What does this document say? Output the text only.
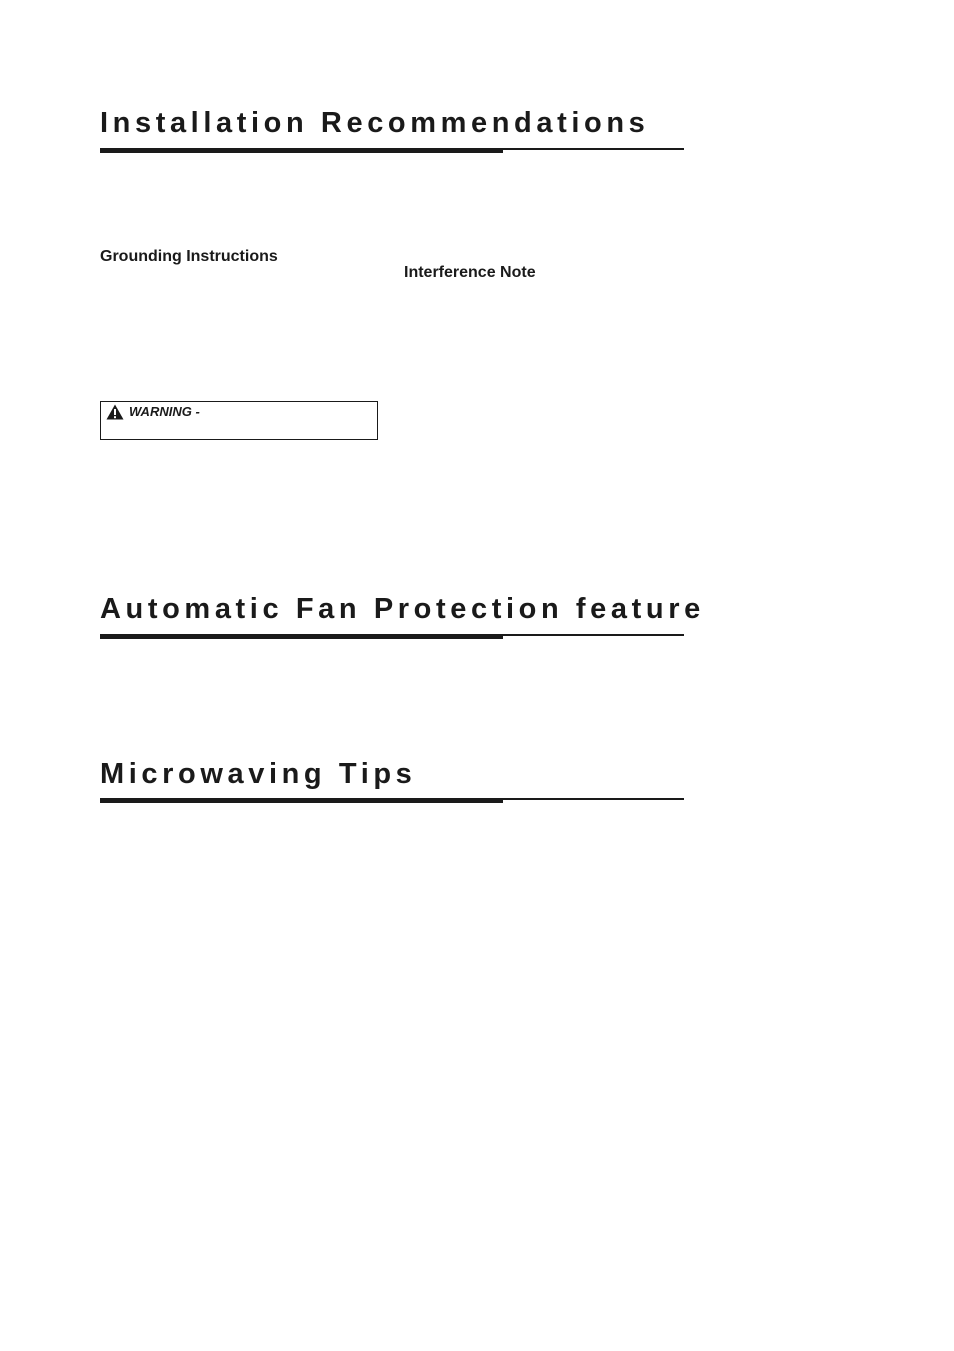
Installation Recommendations
Grounding Instructions
Interference Note
WARNING -
Automatic Fan Protection feature
Microwaving Tips
